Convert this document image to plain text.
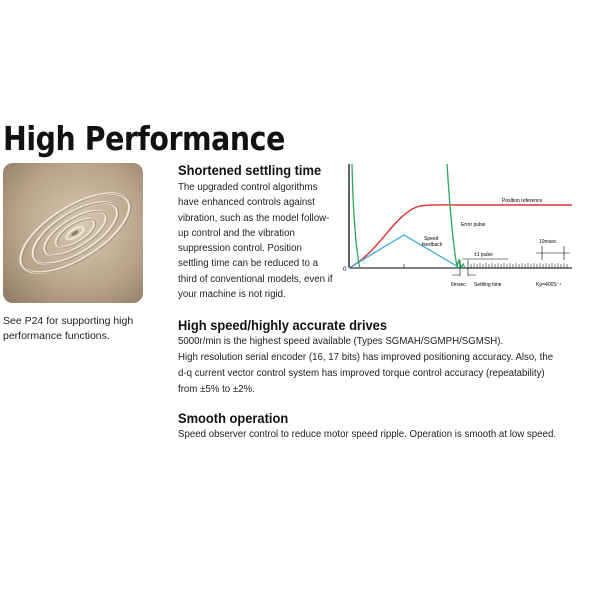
High Performance
See P24 for supporting high performance functions.
Shortened settling time
The upgraded control algorithms
have enhanced controls against
vibration, such as the model follow-
up control and the vibration
suppression control. Position
settling time can be reduced to a
third of conventional models, even if
your machine is not rigid.
0
Position reference
Speed
feedback
Error pulse
±1 pulse
10msec
6msec Settling time	Kp=400S⁻¹
High speed/highly accurate drives
5000r/min is the highest speed available (Types SGMAH/SGMPH/SGMSH).
High resolution serial encoder (16, 17 bits) has improved positioning accuracy. Also, the
d-q current vector control system has improved torque control accuracy (repeatability)
from ±5% to ±2%.
Smooth operation
Speed observer control to reduce motor speed ripple. Operation is smooth at low speed.
